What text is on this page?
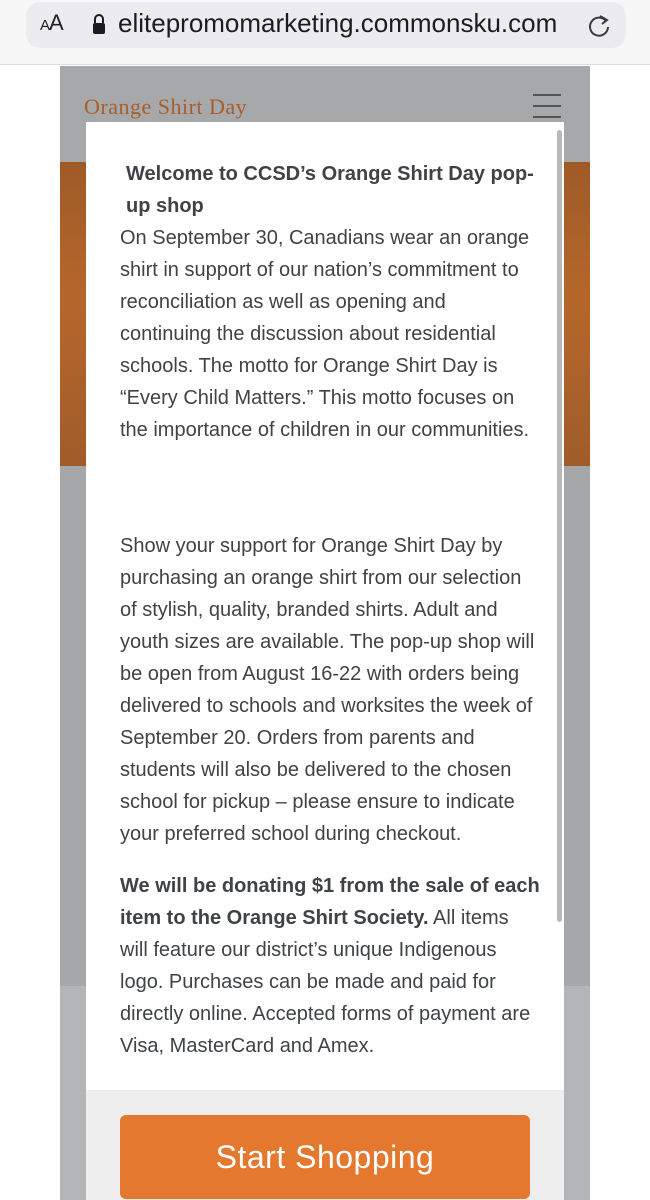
AA elitepromomarketing.commonsku.com
Orange Shirt Day

Welcome to CCSD’s Orange Shirt Day pop-up shop

On September 30, Canadians wear an orange shirt in support of our nation’s commitment to reconciliation as well as opening and continuing the discussion about residential schools. The motto for Orange Shirt Day is “Every Child Matters.” This motto focuses on the importance of children in our communities.

Show your support for Orange Shirt Day by purchasing an orange shirt from our selection of stylish, quality, branded shirts. Adult and youth sizes are available. The pop-up shop will be open from August 16-22 with orders being delivered to schools and worksites the week of September 20. Orders from parents and students will also be delivered to the chosen school for pickup – please ensure to indicate your preferred school during checkout.

We will be donating $1 from the sale of each item to the Orange Shirt Society. All items will feature our district’s unique Indigenous logo. Purchases can be made and paid for directly online. Accepted forms of payment are Visa, MasterCard and Amex.

Start Shopping
